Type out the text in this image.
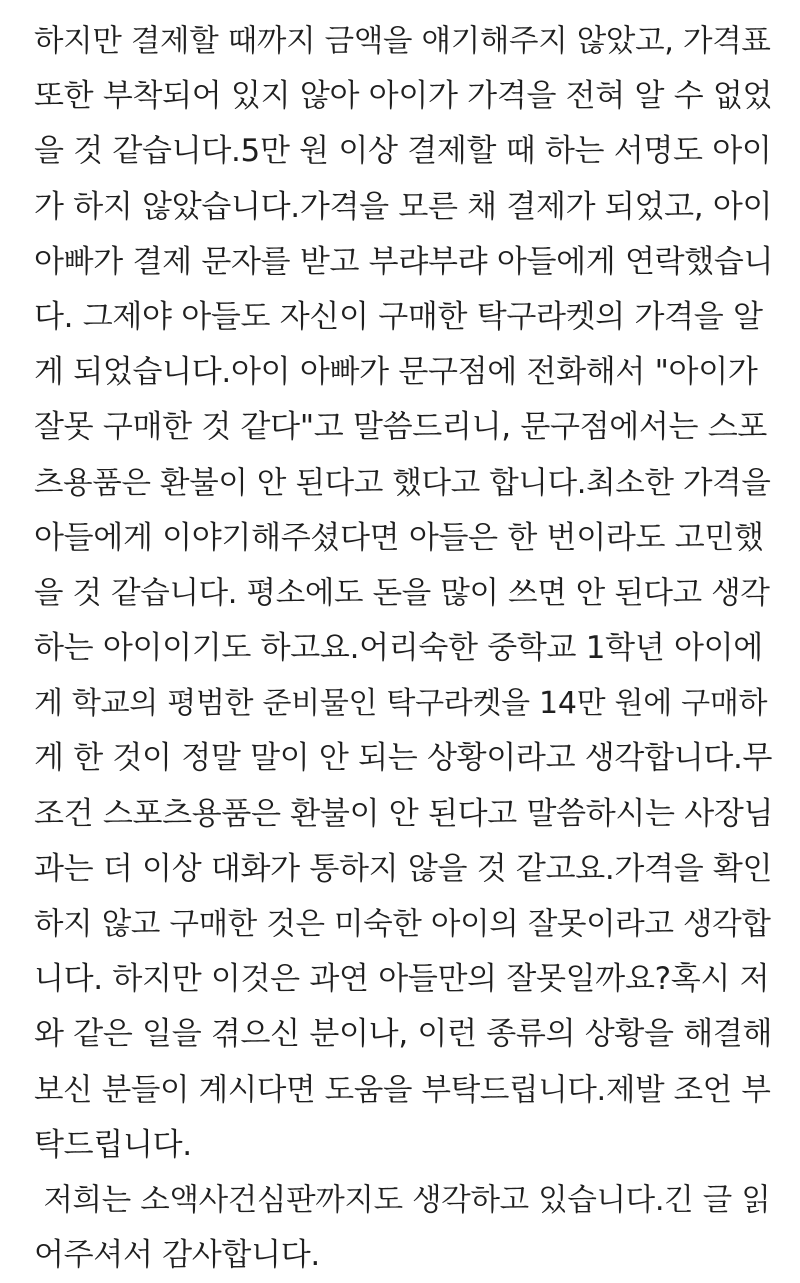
하지만 결제할 때까지 금액을 얘기해주지 않았고, 가격표
또한 부착되어 있지 않아 아이가 가격을 전혀 알 수 없었
을 것 같습니다.5만 원 이상 결제할 때 하는 서명도 아이
가 하지 않았습니다.가격을 모른 채 결제가 되었고, 아이
아빠가 결제 문자를 받고 부랴부랴 아들에게 연락했습니
다. 그제야 아들도 자신이 구매한 탁구라켓의 가격을 알
게 되었습니다.아이 아빠가 문구점에 전화해서 "아이가
잘못 구매한 것 같다"고 말씀드리니, 문구점에서는 스포
츠용품은 환불이 안 된다고 했다고 합니다.최소한 가격을
아들에게 이야기해주셨다면 아들은 한 번이라도 고민했
을 것 같습니다. 평소에도 돈을 많이 쓰면 안 된다고 생각
하는 아이이기도 하고요.어리숙한 중학교 1학년 아이에
게 학교의 평범한 준비물인 탁구라켓을 14만 원에 구매하
게 한 것이 정말 말이 안 되는 상황이라고 생각합니다.무
조건 스포츠용품은 환불이 안 된다고 말씀하시는 사장님
과는 더 이상 대화가 통하지 않을 것 같고요.가격을 확인
하지 않고 구매한 것은 미숙한 아이의 잘못이라고 생각합
니다. 하지만 이것은 과연 아들만의 잘못일까요?혹시 저
와 같은 일을 겪으신 분이나, 이런 종류의 상황을 해결해
보신 분들이 계시다면 도움을 부탁드립니다.제발 조언 부
탁드립니다.
저희는 소액사건심판까지도 생각하고 있습니다.긴 글 읽
어주셔서 감사합니다.
